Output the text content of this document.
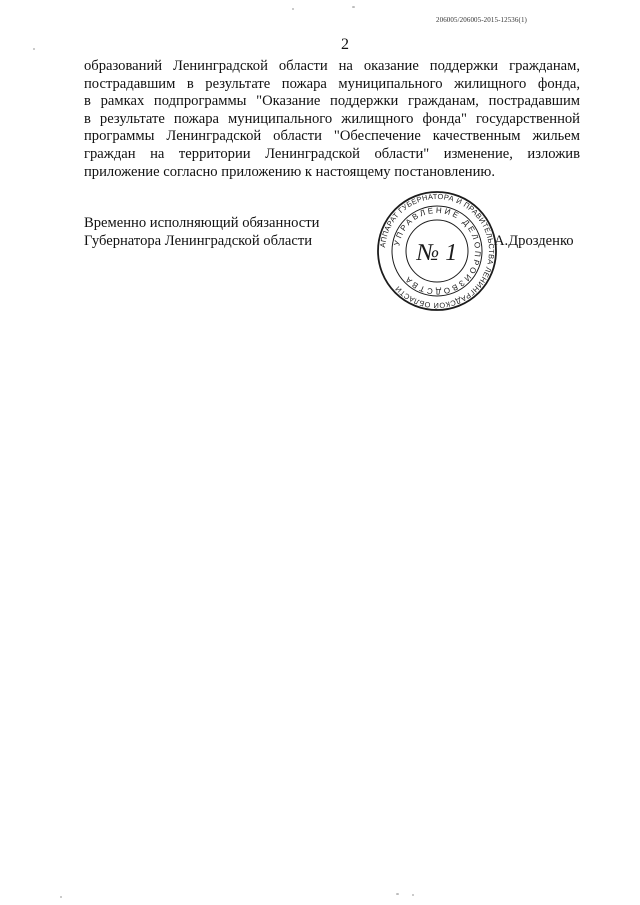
206005/206005-2015-12536(1)
2
образований Ленинградской области на оказание поддержки гражданам,
пострадавшим в результате пожара муниципального жилищного фонда,
в рамках подпрограммы "Оказание поддержки гражданам, пострадавшим
в результате пожара муниципального жилищного фонда" государственной
программы Ленинградской области "Обеспечение качественным жильем
граждан на территории Ленинградской области" изменение, изложив
приложение согласно приложению к настоящему постановлению.
Временно исполняющий обязанности
Губернатора Ленинградской области	АППАРАТ ГУБЕРНАТОРА И ПРАВИТЕЛЬСТВА ЛЕНИНГРАДСКОЙ ОБЛАСТИ
УПРАВЛЕНИЕ ДЕЛОПРОИЗВОДСТВА
№ 1	А.Дрозденко
